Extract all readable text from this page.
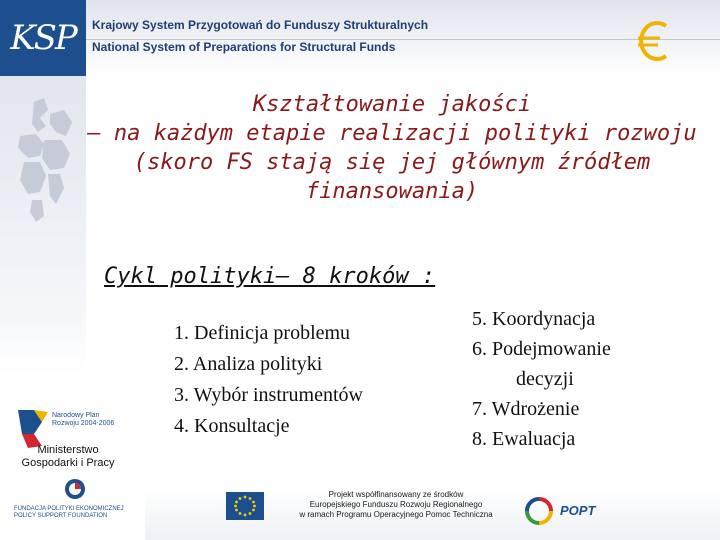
KSP	Krajowy System Przygotowań do Funduszy Strukturalnych
National System of Preparations for Structural Funds
Kształtowanie jakości
– na każdym etapie realizacji polityki rozwoju
(skoro FS stają się jej głównym źródłem
finansowania)
Cykl polityki– 8 kroków :
1. Definicja problemu
2. Analiza polityki
3. Wybór instrumentów
4. Konsultacje
5. Koordynacja
6. Podejmowanie
decyzji
7. Wdrożenie
8. Ewaluacja
Narodowy Plan
Rozwoju 2004-2006
Ministerstwo
Gospodarki i Pracy
FUNDACJA POLITYKI EKONOMICZNEJ
POLICY SUPPORT FOUNDATION
Projekt współfinansowany ze środków
Europejskiego Funduszu Rozwoju Regionalnego
w ramach Programu Operacyjnego Pomoc Techniczna	POPT
